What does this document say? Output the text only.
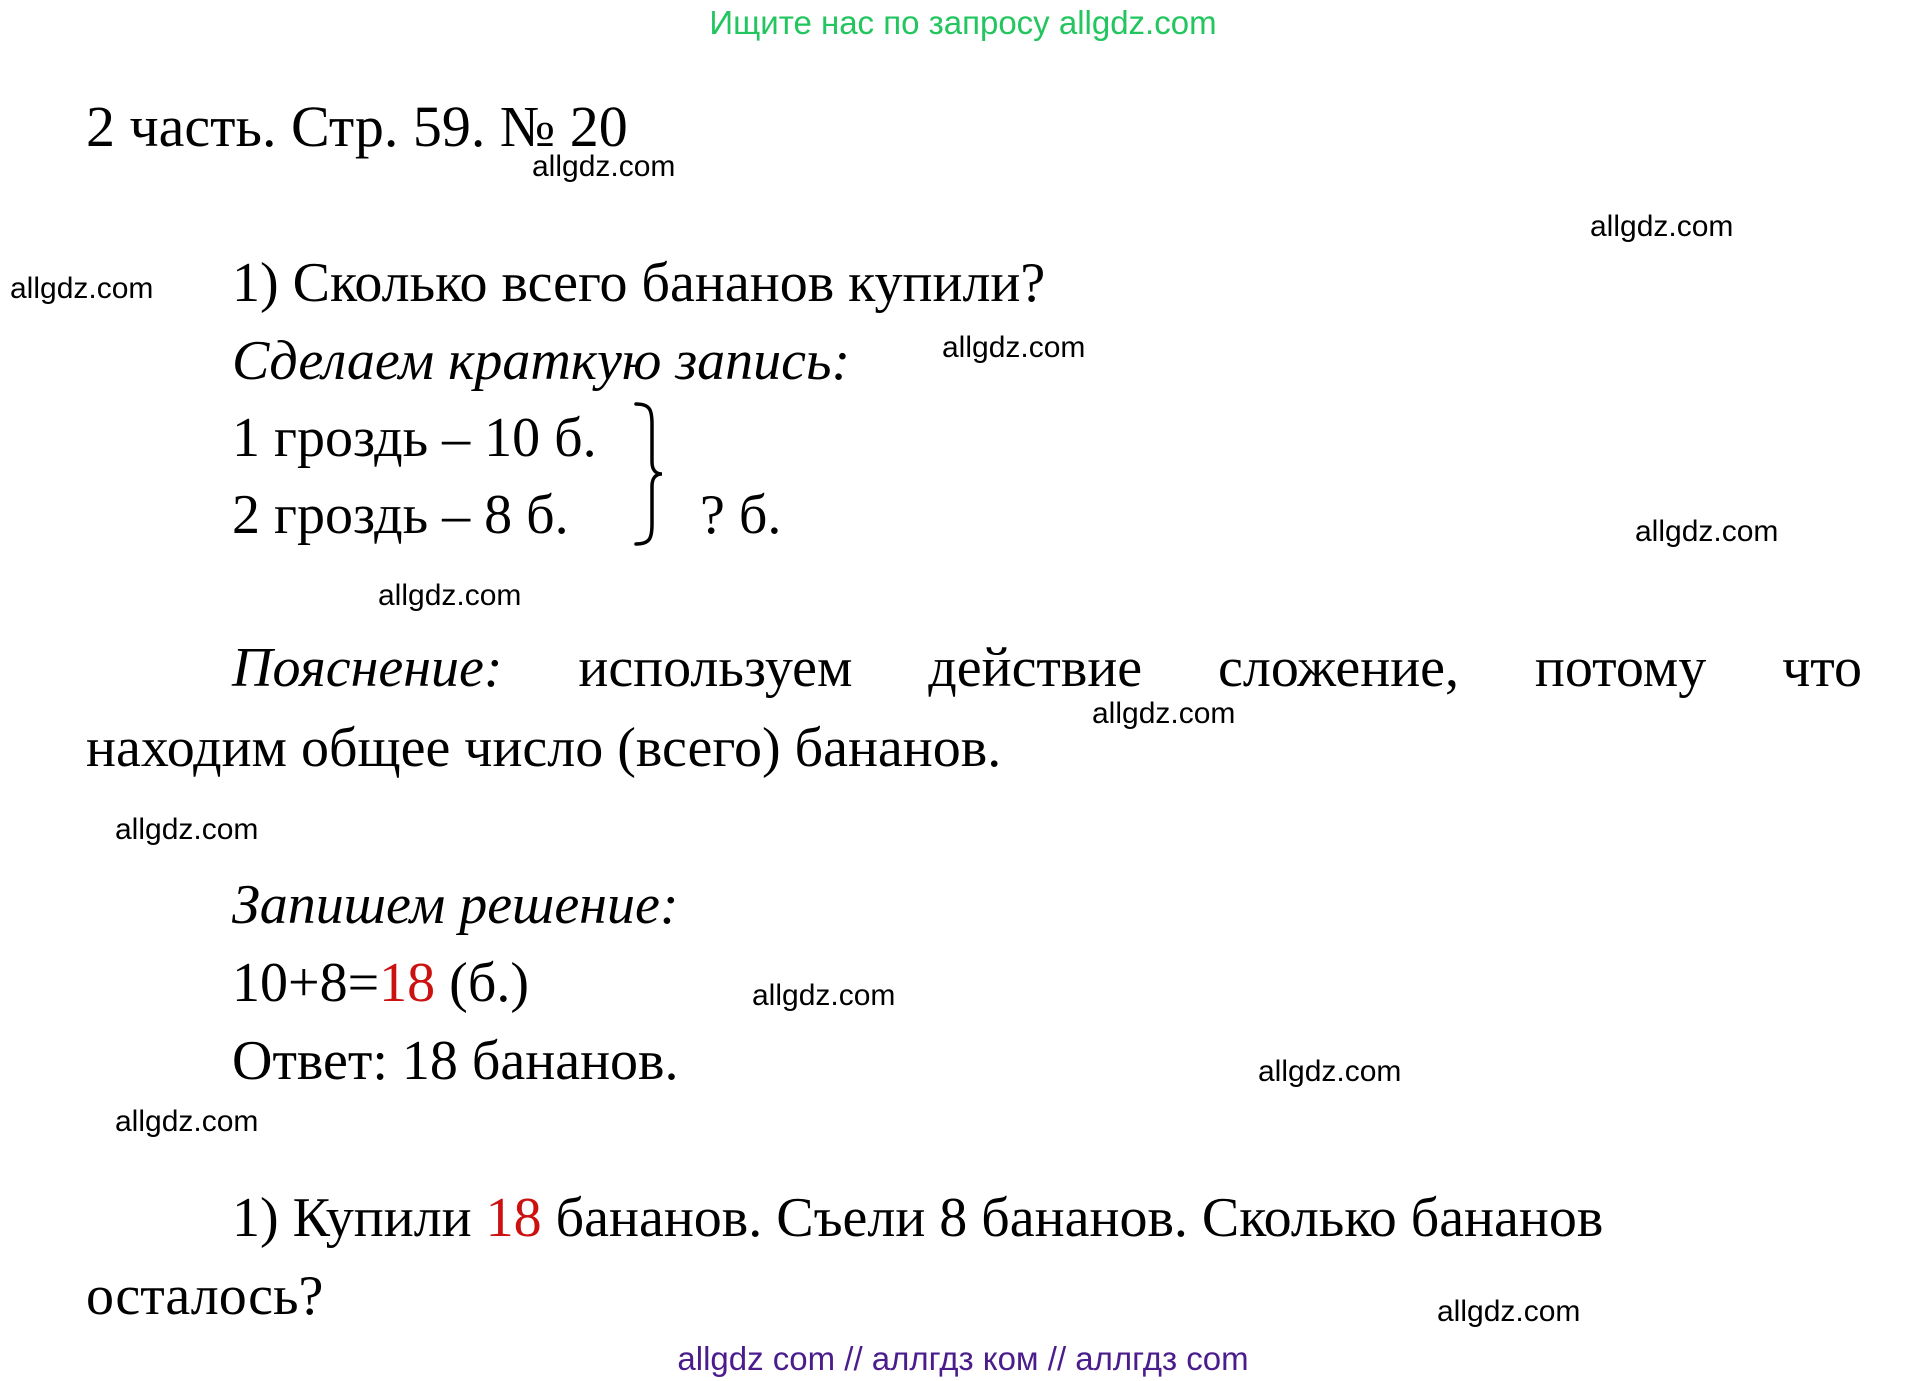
Ищите нас по запросу allgdz.com
2 часть. Стр. 59. № 20
1) Сколько всего бананов купили?
Сделаем краткую запись:
1 гроздь – 10 б.
2 гроздь – 8 б. ? б.
Пояснение: используем действие сложение, потому что
находим общее число (всего) бананов.
Запишем решение:
10+8=18 (б.)
Ответ: 18 бананов.
1) Купили 18 бананов. Съели 8 бананов. Сколько бананов
осталось?
allgdz.com
allgdz.com
allgdz.com
allgdz.com
allgdz.com
allgdz.com
allgdz.com
allgdz.com
allgdz.com
allgdz.com
allgdz.com
allgdz.com
allgdz com // аллгдз ком // аллгдз com
